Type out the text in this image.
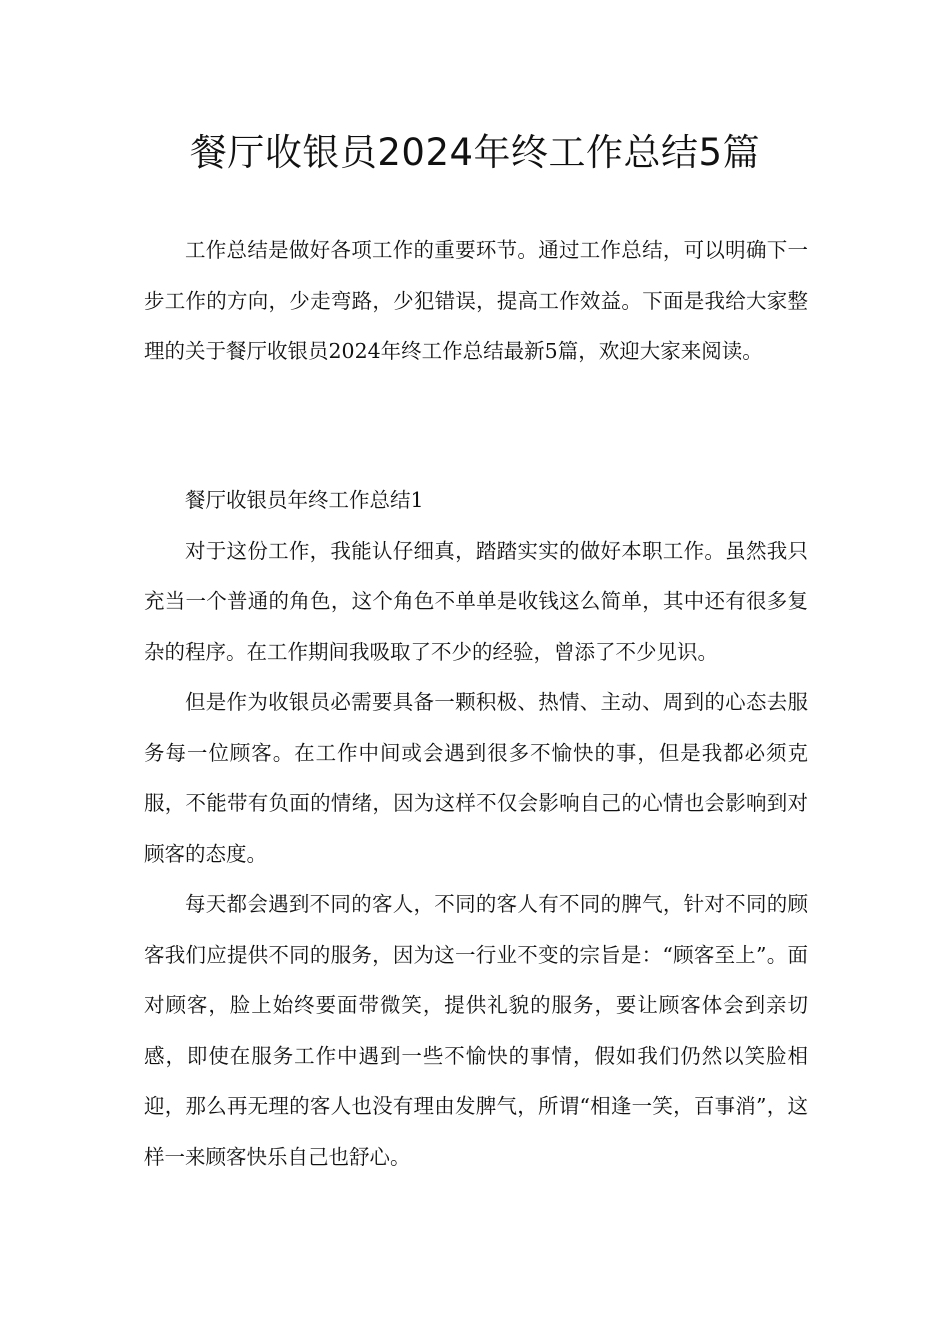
餐厅收银员2024年终工作总结5篇

工作总结是做好各项工作的重要环节。通过工作总结，可以明确下一步工作的方向，少走弯路，少犯错误，提高工作效益。下面是我给大家整理的关于餐厅收银员2024年终工作总结最新5篇，欢迎大家来阅读。

餐厅收银员年终工作总结1

对于这份工作，我能认仔细真，踏踏实实的做好本职工作。虽然我只充当一个普通的角色，这个角色不单单是收钱这么简单，其中还有很多复杂的程序。在工作期间我吸取了不少的经验，曾添了不少见识。

但是作为收银员必需要具备一颗积极、热情、主动、周到的心态去服务每一位顾客。在工作中间或会遇到很多不愉快的事，但是我都必须克服，不能带有负面的情绪，因为这样不仅会影响自己的心情也会影响到对顾客的态度。

每天都会遇到不同的客人，不同的客人有不同的脾气，针对不同的顾客我们应提供不同的服务，因为这一行业不变的宗旨是：“顾客至上”。面对顾客，脸上始终要面带微笑，提供礼貌的服务，要让顾客体会到亲切感，即使在服务工作中遇到一些不愉快的事情，假如我们仍然以笑脸相迎，那么再无理的客人也没有理由发脾气，所谓“相逢一笑，百事消”，这样一来顾客快乐自己也舒心。
